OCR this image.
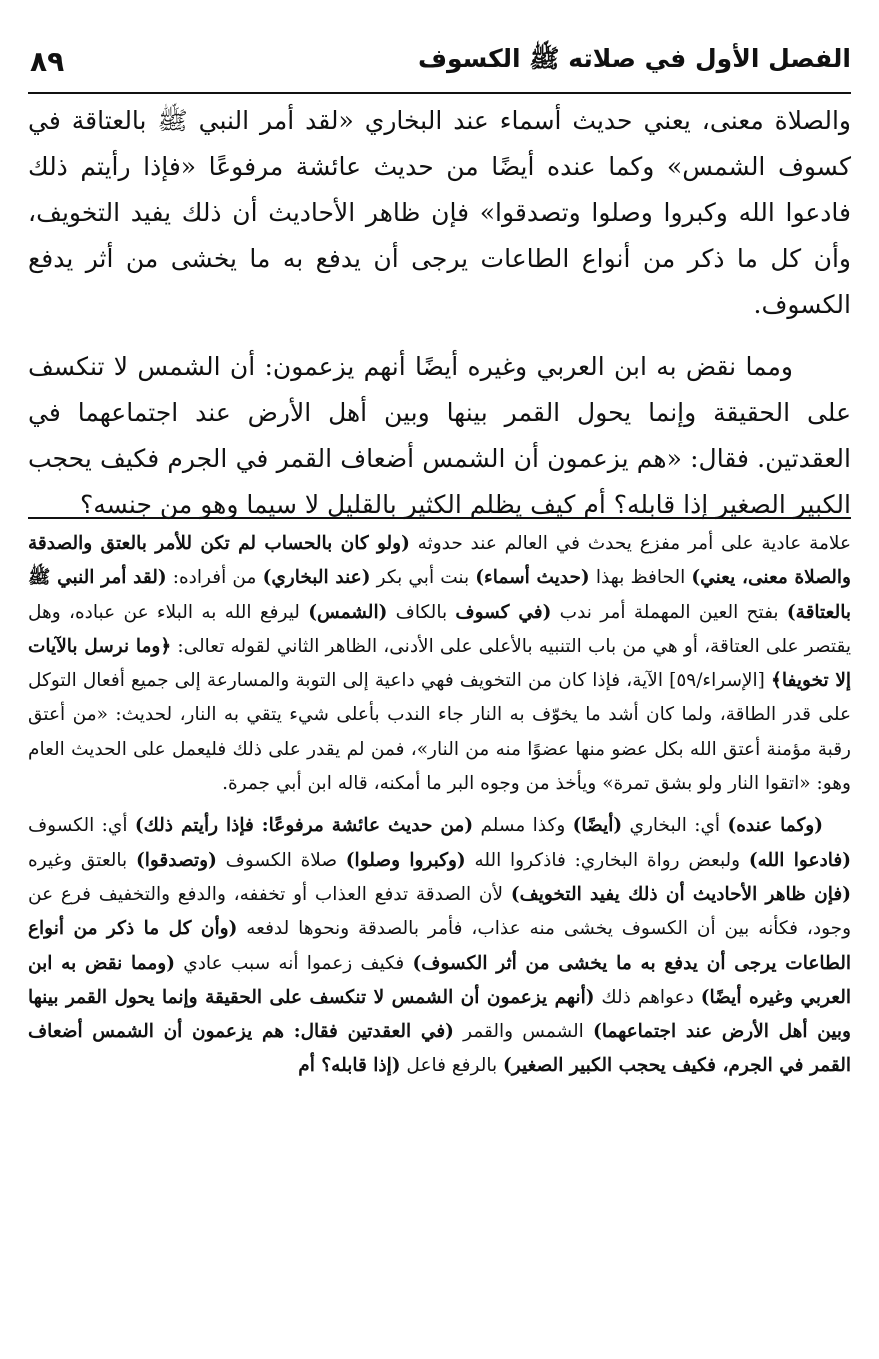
الفصل الأول في صلاته ﷺ الكسوف
٨٩

والصلاة معنى، يعني حديث أسماء عند البخاري «لقد أمر النبي ﷺ بالعتاقة في كسوف الشمس» وكما عنده أيضًا من حديث عائشة مرفوعًا «فإذا رأيتم ذلك فادعوا الله وكبروا وصلوا وتصدقوا» فإن ظاهر الأحاديث أن ذلك يفيد التخويف، وأن كل ما ذكر من أنواع الطاعات يرجى أن يدفع به ما يخشى من أثر يدفع الكسوف.

ومما نقض به ابن العربي وغيره أيضًا أنهم يزعمون: أن الشمس لا تنكسف على الحقيقة وإنما يحول القمر بينها وبين أهل الأرض عند اجتماعهما في العقدتين. فقال: «هم يزعمون أن الشمس أضعاف القمر في الجرم فكيف يحجب الكبير الصغير إذا قابله؟ أم كيف يظلم الكثير بالقليل لا سيما وهو من جنسه؟

علامة عادية على أمر مفزع يحدث في العالم عند حدوثه (ولو كان بالحساب لم تكن للأمر بالعتق والصدقة والصلاة معنى، يعني) الحافظ بهذا (حديث أسماء) بنت أبي بكر (عند البخاري) من أفراده: (لقد أمر النبي ﷺ بالعتاقة) بفتح العين المهملة أمر ندب (في كسوف بالكاف (الشمس) ليرفع الله به البلاء عن عباده، وهل يقتصر على العتاقة، أو هي من باب التنبيه بالأعلى على الأدنى، الظاهر الثاني لقوله تعالى: ﴿وما نرسل بالآيات إلا تخويفا﴾ [الإسراء/٥٩] الآية، فإذا كان من التخويف فهي داعية إلى التوبة والمسارعة إلى جميع أفعال التوكل على قدر الطاقة، ولما كان أشد ما يخوّف به النار جاء الندب بأعلى شيء يتقي به النار، لحديث: «من أعتق رقبة مؤمنة أعتق الله بكل عضو منها عضوًا منه من النار»، فمن لم يقدر على ذلك فليعمل على الحديث العام وهو: «اتقوا النار ولو بشق تمرة» ويأخذ من وجوه البر ما أمكنه، قاله ابن أبي جمرة.

(وكما عنده) أي: البخاري (أيضًا) وكذا مسلم (من حديث عائشة مرفوعًا: فإذا رأيتم ذلك) أي: الكسوف (فادعوا الله) ولبعض رواة البخاري: فاذكروا الله (وكبروا وصلوا) صلاة الكسوف (وتصدقوا) بالعتق وغيره (فإن ظاهر الأحاديث أن ذلك يفيد التخويف) لأن الصدقة تدفع العذاب أو تخففه، والدفع والتخفيف فرع عن وجود، فكأنه بين أن الكسوف يخشى منه عذاب، فأمر بالصدقة ونحوها لدفعه (وأن كل ما ذكر من أنواع الطاعات يرجى أن يدفع به ما يخشى من أثر الكسوف) فكيف زعموا أنه سبب عادي (ومما نقض به ابن العربي وغيره أيضًا) دعواهم ذلك (أنهم يزعمون أن الشمس لا تنكسف على الحقيقة وإنما يحول القمر بينها وبين أهل الأرض عند اجتماعهما) الشمس والقمر (في العقدتين فقال: هم يزعمون أن الشمس أضعاف القمر في الجرم، فكيف يحجب الكبير الصغير) بالرفع فاعل (إذا قابله؟ أم
